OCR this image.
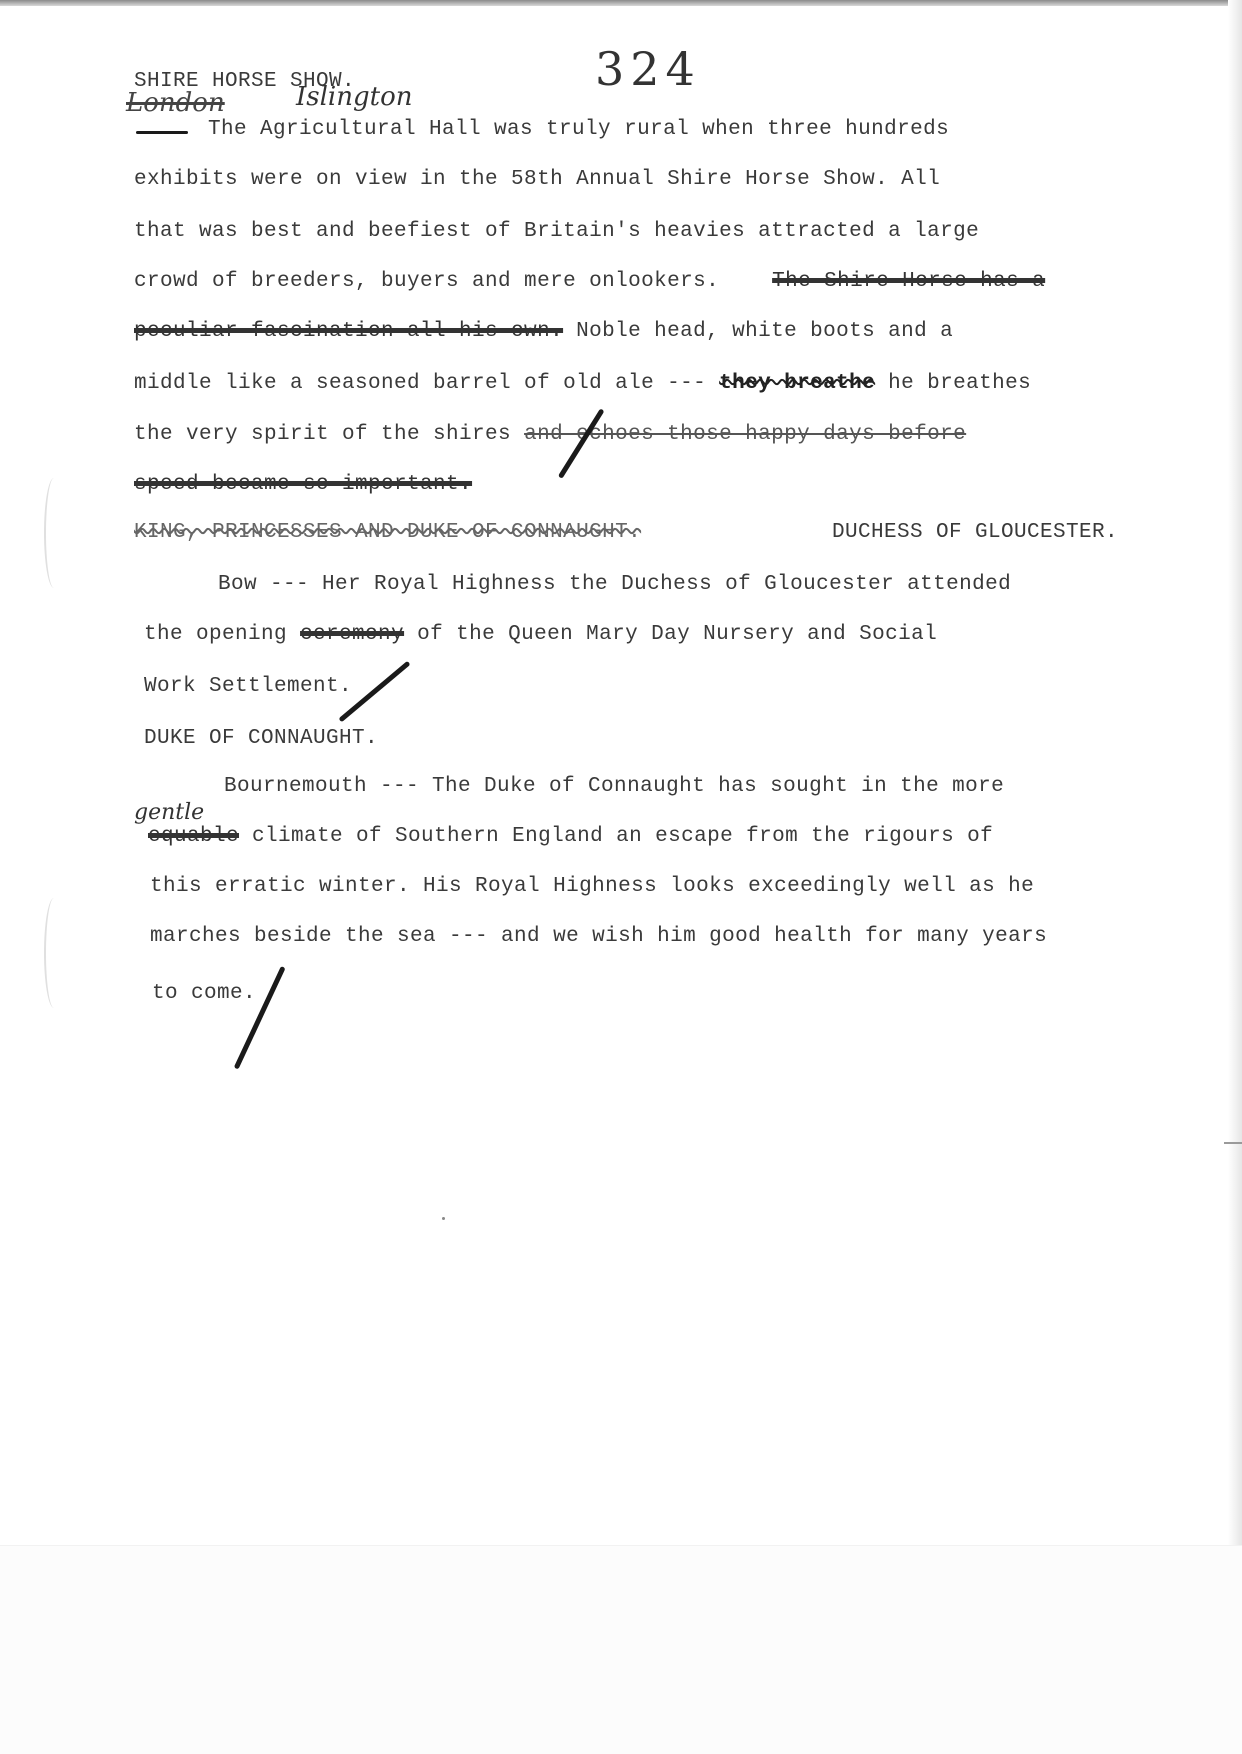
324
London	Islington
gentle
SHIRE HORSE SHOW.
The Agricultural Hall was truly rural when three hundreds
exhibits were on view in the 58th Annual Shire Horse Show. All
that was best and beefiest of Britain's heavies attracted a large
crowd of breeders, buyers and mere onlookers.	The Shire Horse has a
peculiar fascination all his own. Noble head, white boots and a
middle like a seasoned barrel of old ale --- they breathe he breathes
the very spirit of the shires and echoes those happy days before
speed became so important.
KING, PRINCESSES AND DUKE OF CONNAUGHT.	DUCHESS OF GLOUCESTER.
Bow --- Her Royal Highness the Duchess of Gloucester attended
the opening ceremony of the Queen Mary Day Nursery and Social
Work Settlement.
DUKE OF CONNAUGHT.
Bournemouth --- The Duke of Connaught has sought in the more
equable climate of Southern England an escape from the rigours of
this erratic winter. His Royal Highness looks exceedingly well as he
marches beside the sea --- and we wish him good health for many years
to come.
